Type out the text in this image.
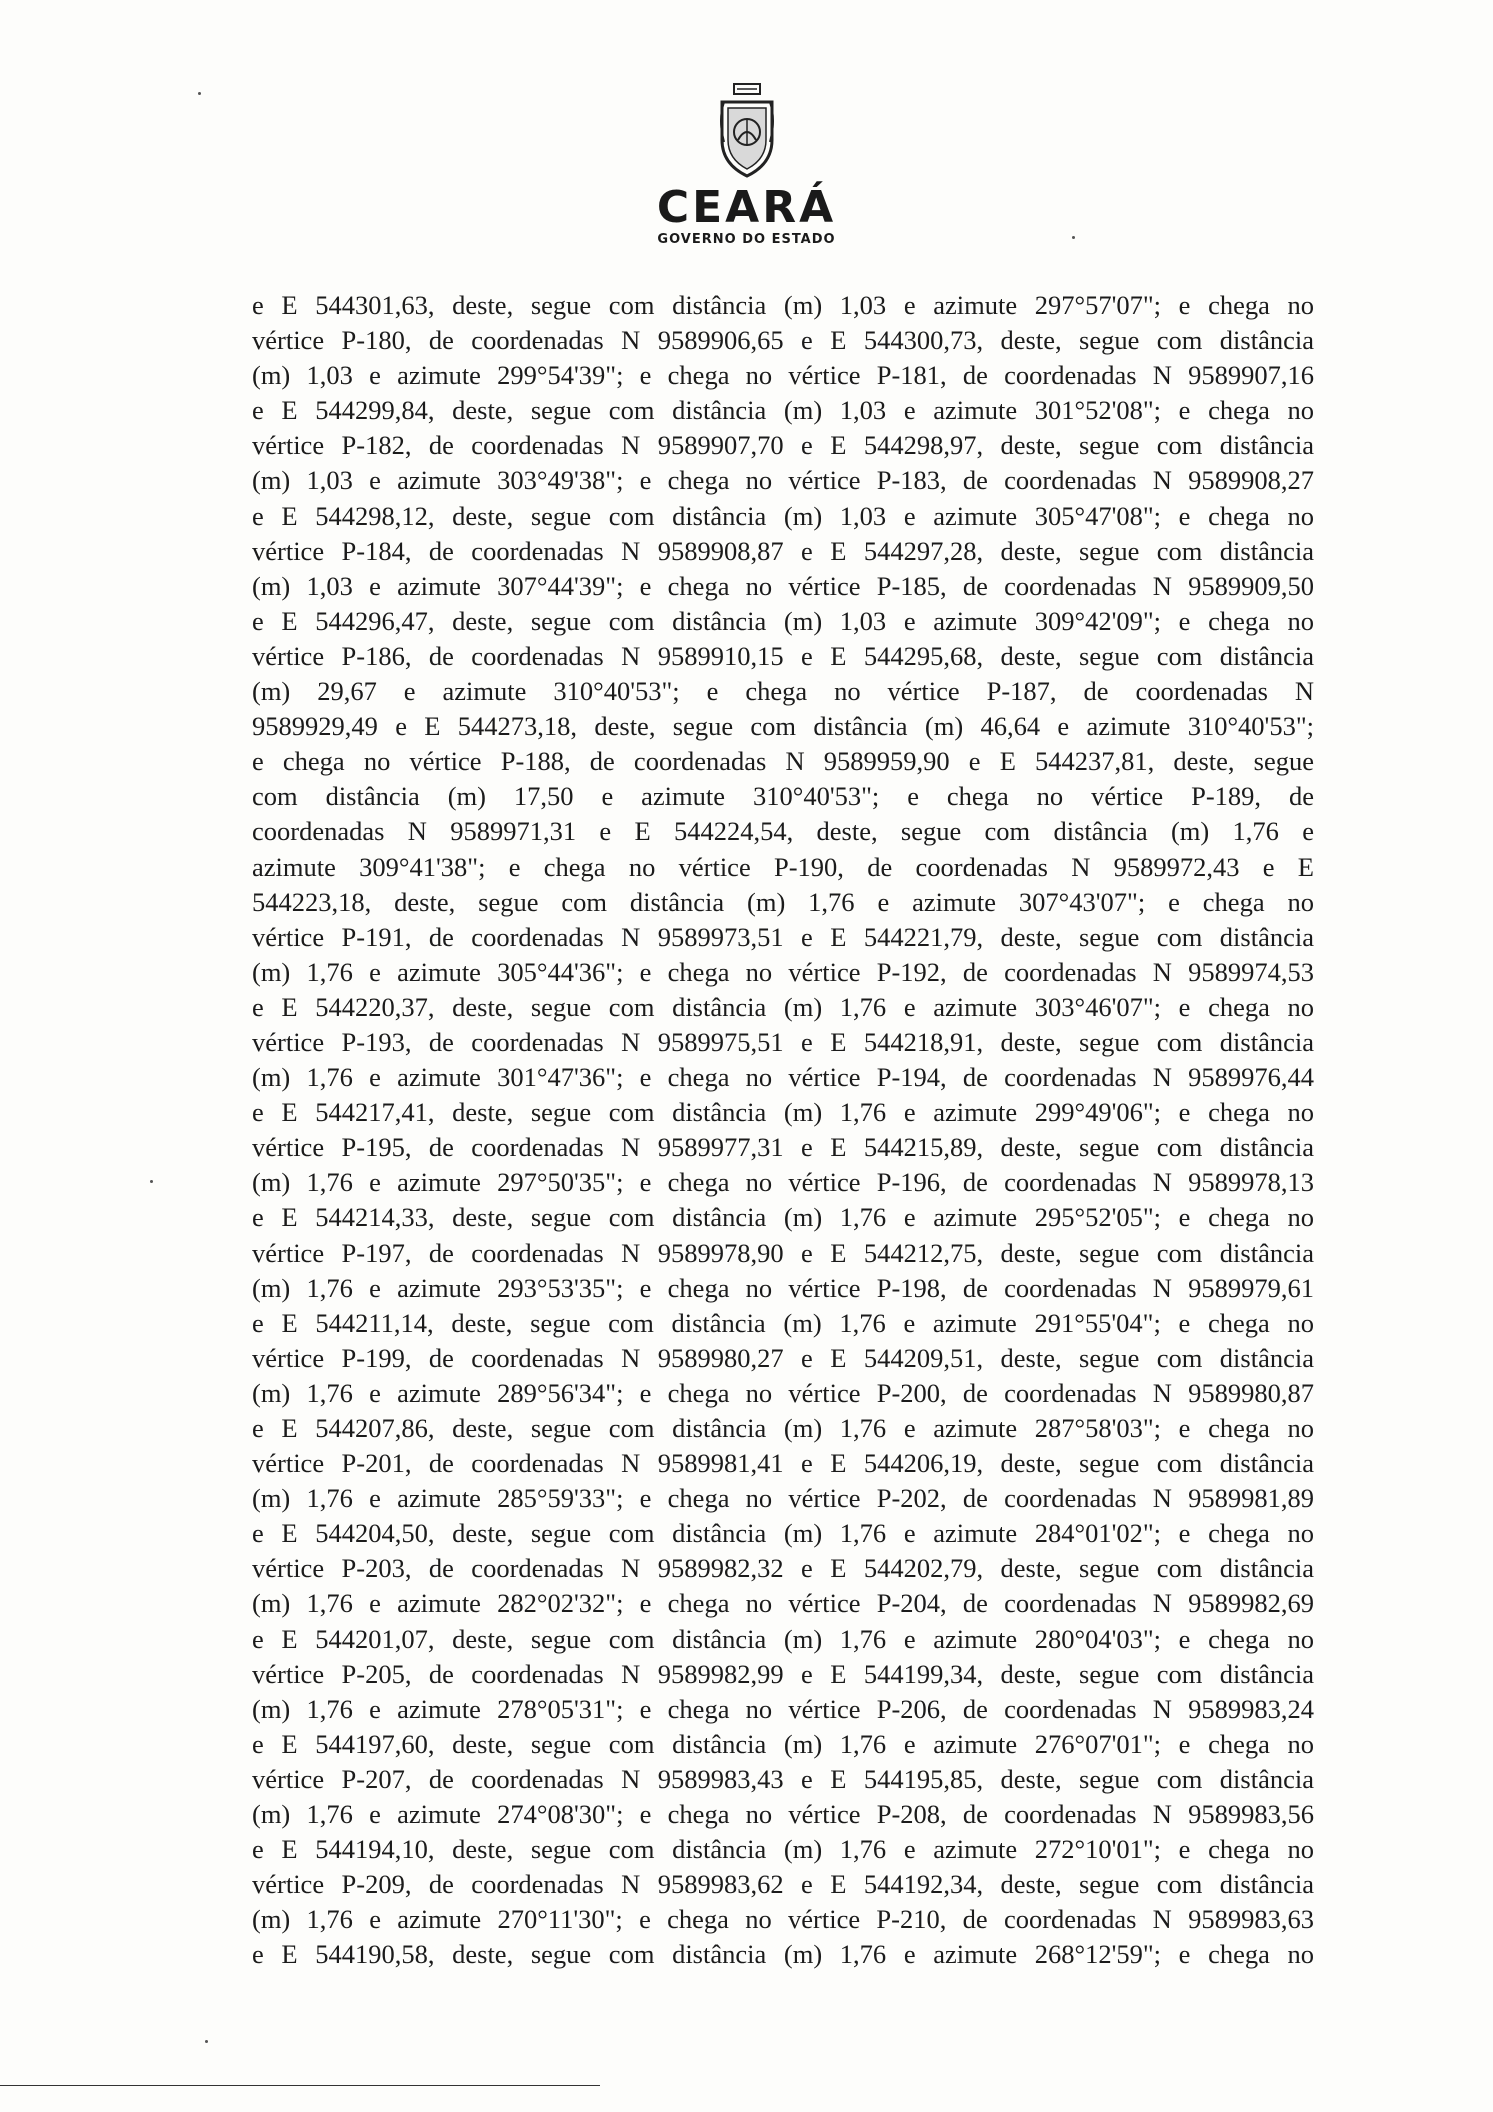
CEARÁ
GOVERNO DO ESTADO
e E 544301,63, deste, segue com distância (m) 1,03 e azimute 297°57'07"; e chega no
vértice P-180, de coordenadas N 9589906,65 e E 544300,73, deste, segue com distância
(m) 1,03 e azimute 299°54'39"; e chega no vértice P-181, de coordenadas N 9589907,16
e E 544299,84, deste, segue com distância (m) 1,03 e azimute 301°52'08"; e chega no
vértice P-182, de coordenadas N 9589907,70 e E 544298,97, deste, segue com distância
(m) 1,03 e azimute 303°49'38"; e chega no vértice P-183, de coordenadas N 9589908,27
e E 544298,12, deste, segue com distância (m) 1,03 e azimute 305°47'08"; e chega no
vértice P-184, de coordenadas N 9589908,87 e E 544297,28, deste, segue com distância
(m) 1,03 e azimute 307°44'39"; e chega no vértice P-185, de coordenadas N 9589909,50
e E 544296,47, deste, segue com distância (m) 1,03 e azimute 309°42'09"; e chega no
vértice P-186, de coordenadas N 9589910,15 e E 544295,68, deste, segue com distância
(m) 29,67 e azimute 310°40'53"; e chega no vértice P-187, de coordenadas N
9589929,49 e E 544273,18, deste, segue com distância (m) 46,64 e azimute 310°40'53";
e chega no vértice P-188, de coordenadas N 9589959,90 e E 544237,81, deste, segue
com distância (m) 17,50 e azimute 310°40'53"; e chega no vértice P-189, de
coordenadas N 9589971,31 e E 544224,54, deste, segue com distância (m) 1,76 e
azimute 309°41'38"; e chega no vértice P-190, de coordenadas N 9589972,43 e E
544223,18, deste, segue com distância (m) 1,76 e azimute 307°43'07"; e chega no
vértice P-191, de coordenadas N 9589973,51 e E 544221,79, deste, segue com distância
(m) 1,76 e azimute 305°44'36"; e chega no vértice P-192, de coordenadas N 9589974,53
e E 544220,37, deste, segue com distância (m) 1,76 e azimute 303°46'07"; e chega no
vértice P-193, de coordenadas N 9589975,51 e E 544218,91, deste, segue com distância
(m) 1,76 e azimute 301°47'36"; e chega no vértice P-194, de coordenadas N 9589976,44
e E 544217,41, deste, segue com distância (m) 1,76 e azimute 299°49'06"; e chega no
vértice P-195, de coordenadas N 9589977,31 e E 544215,89, deste, segue com distância
(m) 1,76 e azimute 297°50'35"; e chega no vértice P-196, de coordenadas N 9589978,13
e E 544214,33, deste, segue com distância (m) 1,76 e azimute 295°52'05"; e chega no
vértice P-197, de coordenadas N 9589978,90 e E 544212,75, deste, segue com distância
(m) 1,76 e azimute 293°53'35"; e chega no vértice P-198, de coordenadas N 9589979,61
e E 544211,14, deste, segue com distância (m) 1,76 e azimute 291°55'04"; e chega no
vértice P-199, de coordenadas N 9589980,27 e E 544209,51, deste, segue com distância
(m) 1,76 e azimute 289°56'34"; e chega no vértice P-200, de coordenadas N 9589980,87
e E 544207,86, deste, segue com distância (m) 1,76 e azimute 287°58'03"; e chega no
vértice P-201, de coordenadas N 9589981,41 e E 544206,19, deste, segue com distância
(m) 1,76 e azimute 285°59'33"; e chega no vértice P-202, de coordenadas N 9589981,89
e E 544204,50, deste, segue com distância (m) 1,76 e azimute 284°01'02"; e chega no
vértice P-203, de coordenadas N 9589982,32 e E 544202,79, deste, segue com distância
(m) 1,76 e azimute 282°02'32"; e chega no vértice P-204, de coordenadas N 9589982,69
e E 544201,07, deste, segue com distância (m) 1,76 e azimute 280°04'03"; e chega no
vértice P-205, de coordenadas N 9589982,99 e E 544199,34, deste, segue com distância
(m) 1,76 e azimute 278°05'31"; e chega no vértice P-206, de coordenadas N 9589983,24
e E 544197,60, deste, segue com distância (m) 1,76 e azimute 276°07'01"; e chega no
vértice P-207, de coordenadas N 9589983,43 e E 544195,85, deste, segue com distância
(m) 1,76 e azimute 274°08'30"; e chega no vértice P-208, de coordenadas N 9589983,56
e E 544194,10, deste, segue com distância (m) 1,76 e azimute 272°10'01"; e chega no
vértice P-209, de coordenadas N 9589983,62 e E 544192,34, deste, segue com distância
(m) 1,76 e azimute 270°11'30"; e chega no vértice P-210, de coordenadas N 9589983,63
e E 544190,58, deste, segue com distância (m) 1,76 e azimute 268°12'59"; e chega no
